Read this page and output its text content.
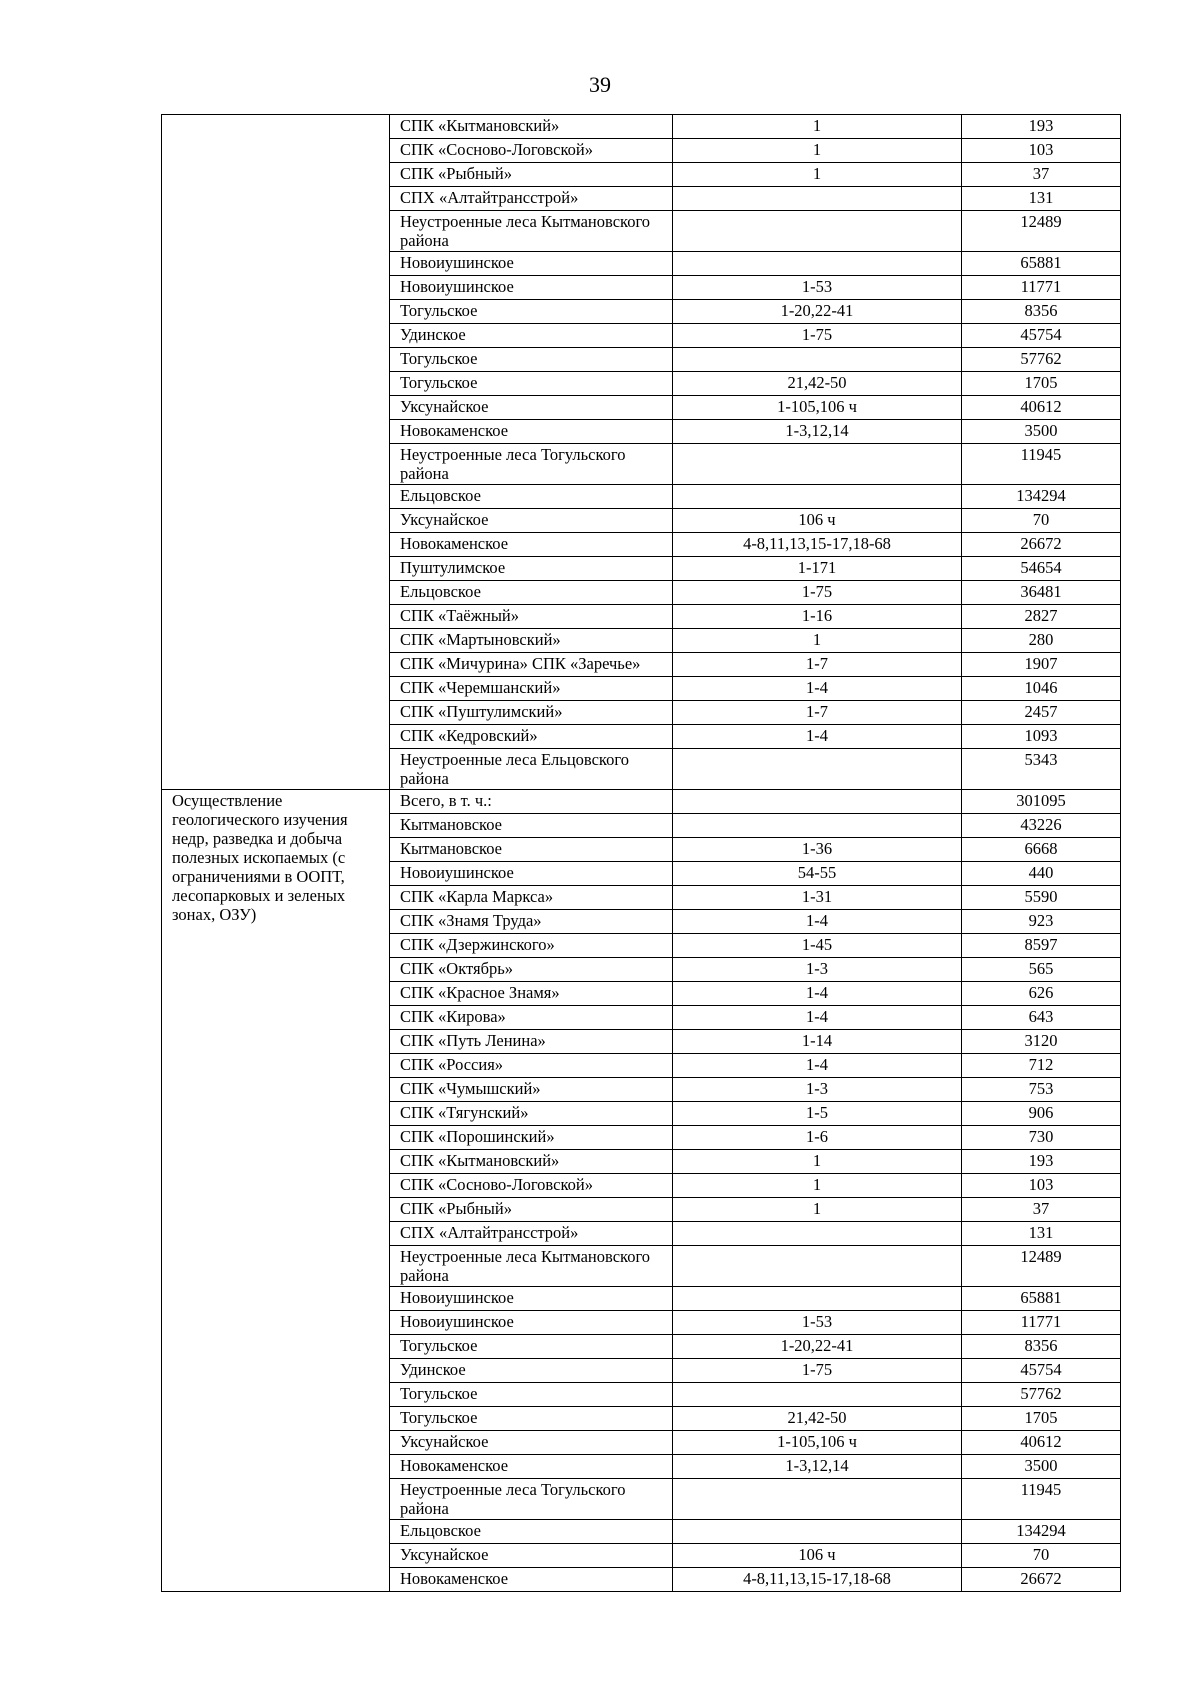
39
	СПК «Кытмановский»	1	193
	СПК «Сосново-Логовской»	1	103
	СПК «Рыбный»	1	37
	СПХ «Алтайтрансстрой»		131
	Неустроенные леса Кытмановского района		12489
	Новоиушинское		65881
	Новоиушинское	1-53	11771
	Тогульское	1-20,22-41	8356
	Удинское	1-75	45754
	Тогульское		57762
	Тогульское	21,42-50	1705
	Уксунайское	1-105,106 ч	40612
	Новокаменское	1-3,12,14	3500
	Неустроенные леса Тогульского района		11945
	Ельцовское		134294
	Уксунайское	106 ч	70
	Новокаменское	4-8,11,13,15-17,18-68	26672
	Пуштулимское	1-171	54654
	Ельцовское	1-75	36481
	СПК «Таёжный»	1-16	2827
	СПК «Мартыновский»	1	280
	СПК «Мичурина» СПК «Заречье»	1-7	1907
	СПК «Черемшанский»	1-4	1046
	СПК «Пуштулимский»	1-7	2457
	СПК «Кедровский»	1-4	1093
	Неустроенные леса Ельцовского района		5343
Осуществление геологического изучения недр, разведка и добыча полезных ископаемых (с ограничениями в ООПТ, лесопарковых и зеленых зонах, ОЗУ)	Всего, в т. ч.:		301095
	Кытмановское		43226
	Кытмановское	1-36	6668
	Новоиушинское	54-55	440
	СПК «Карла Маркса»	1-31	5590
	СПК «Знамя Труда»	1-4	923
	СПК «Дзержинского»	1-45	8597
	СПК «Октябрь»	1-3	565
	СПК «Красное Знамя»	1-4	626
	СПК «Кирова»	1-4	643
	СПК «Путь Ленина»	1-14	3120
	СПК «Россия»	1-4	712
	СПК «Чумышский»	1-3	753
	СПК «Тягунский»	1-5	906
	СПК «Порошинский»	1-6	730
	СПК «Кытмановский»	1	193
	СПК «Сосново-Логовской»	1	103
	СПК «Рыбный»	1	37
	СПХ «Алтайтрансстрой»		131
	Неустроенные леса Кытмановского района		12489
	Новоиушинское		65881
	Новоиушинское	1-53	11771
	Тогульское	1-20,22-41	8356
	Удинское	1-75	45754
	Тогульское		57762
	Тогульское	21,42-50	1705
	Уксунайское	1-105,106 ч	40612
	Новокаменское	1-3,12,14	3500
	Неустроенные леса Тогульского района		11945
	Ельцовское		134294
	Уксунайское	106 ч	70
	Новокаменское	4-8,11,13,15-17,18-68	26672
